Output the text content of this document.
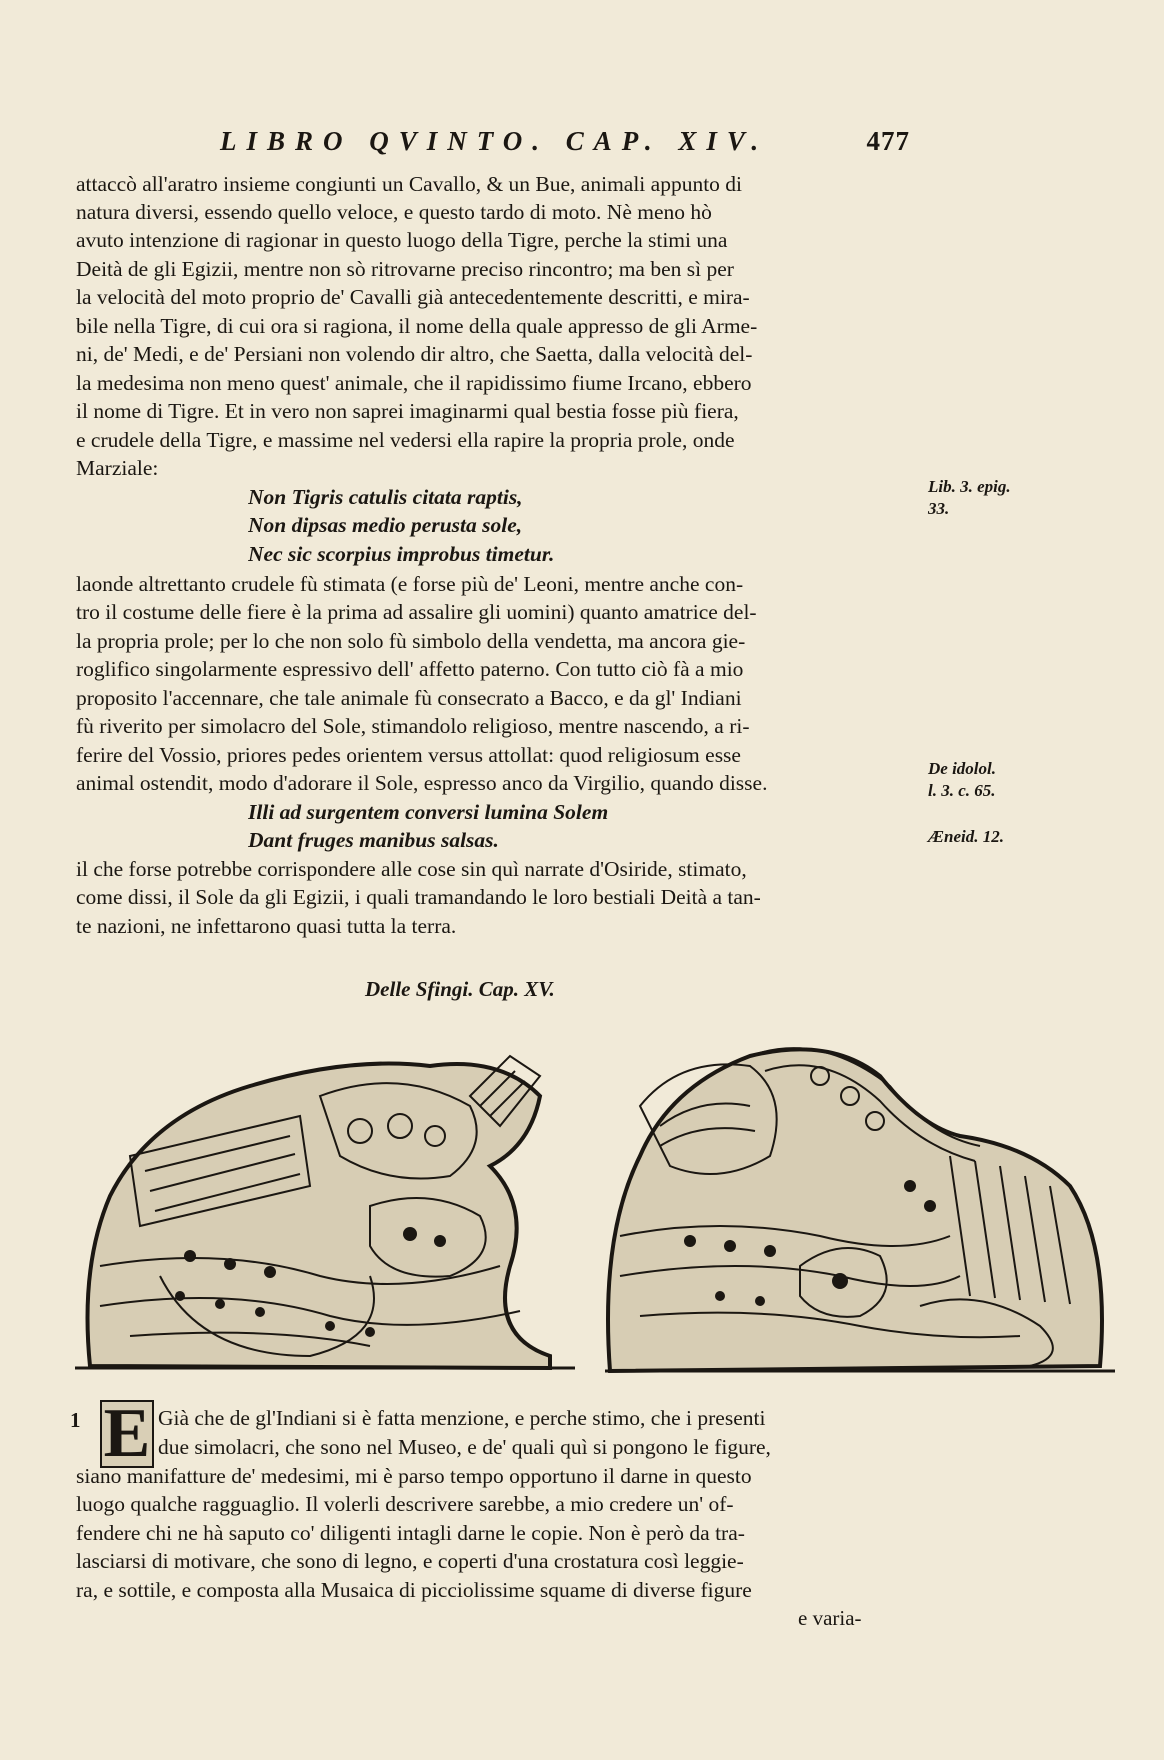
LIBRO QVINTO. CAP. XIV.	477
attaccò all'aratro insieme congiunti un Cavallo, & un Bue, animali appunto di
natura diversi, essendo quello veloce, e questo tardo di moto. Nè meno hò
avuto intenzione di ragionar in questo luogo della Tigre, perche la stimi una
Deità de gli Egizii, mentre non sò ritrovarne preciso rincontro; ma ben sì per
la velocità del moto proprio de' Cavalli già antecedentemente descritti, e mira-
bile nella Tigre, di cui ora si ragiona, il nome della quale appresso de gli Arme-
ni, de' Medi, e de' Persiani non volendo dir altro, che Saetta, dalla velocità del-
la medesima non meno quest' animale, che il rapidissimo fiume Ircano, ebbero
il nome di Tigre. Et in vero non saprei imaginarmi qual bestia fosse più fiera,
e crudele della Tigre, e massime nel vedersi ella rapire la propria prole, onde
Marziale:
Non Tigris catulis citata raptis,
Non dipsas medio perusta sole,
Nec sic scorpius improbus timetur.
Lib. 3. epig.
33.
laonde altrettanto crudele fù stimata (e forse più de' Leoni, mentre anche con-
tro il costume delle fiere è la prima ad assalire gli uomini) quanto amatrice del-
la propria prole; per lo che non solo fù simbolo della vendetta, ma ancora gie-
roglifico singolarmente espressivo dell' affetto paterno. Con tutto ciò fà a mio
proposito l'accennare, che tale animale fù consecrato a Bacco, e da gl' Indiani
fù riverito per simolacro del Sole, stimandolo religioso, mentre nascendo, a ri-
ferire del Vossio, priores pedes orientem versus attollat: quod religiosum esse
animal ostendit, modo d'adorare il Sole, espresso anco da Virgilio, quando disse.
De idolol.
l. 3. c. 65.
Illi ad surgentem conversi lumina Solem
Dant fruges manibus salsas.	Æneid. 12.
il che forse potrebbe corrispondere alle cose sin quì narrate d'Osiride, stimato,
come dissi, il Sole da gli Egizii, i quali tramandando le loro bestiali Deità a tan-
te nazioni, ne infettarono quasi tutta la terra.
Delle Sfingi. Cap. XV.
1 E Già che de gl'Indiani si è fatta menzione, e perche stimo, che i presenti
due simolacri, che sono nel Museo, e de' quali quì si pongono le figure,
siano manifatture de' medesimi, mi è parso tempo opportuno il darne in questo
luogo qualche ragguaglio. Il volerli descrivere sarebbe, a mio credere un' of-
fendere chi ne hà saputo co' diligenti intagli darne le copie. Non è però da tra-
lasciarsi di motivare, che sono di legno, e coperti d'una crostatura così leggie-
ra, e sottile, e composta alla Musaica di picciolissime squame di diverse figure
e varia-
